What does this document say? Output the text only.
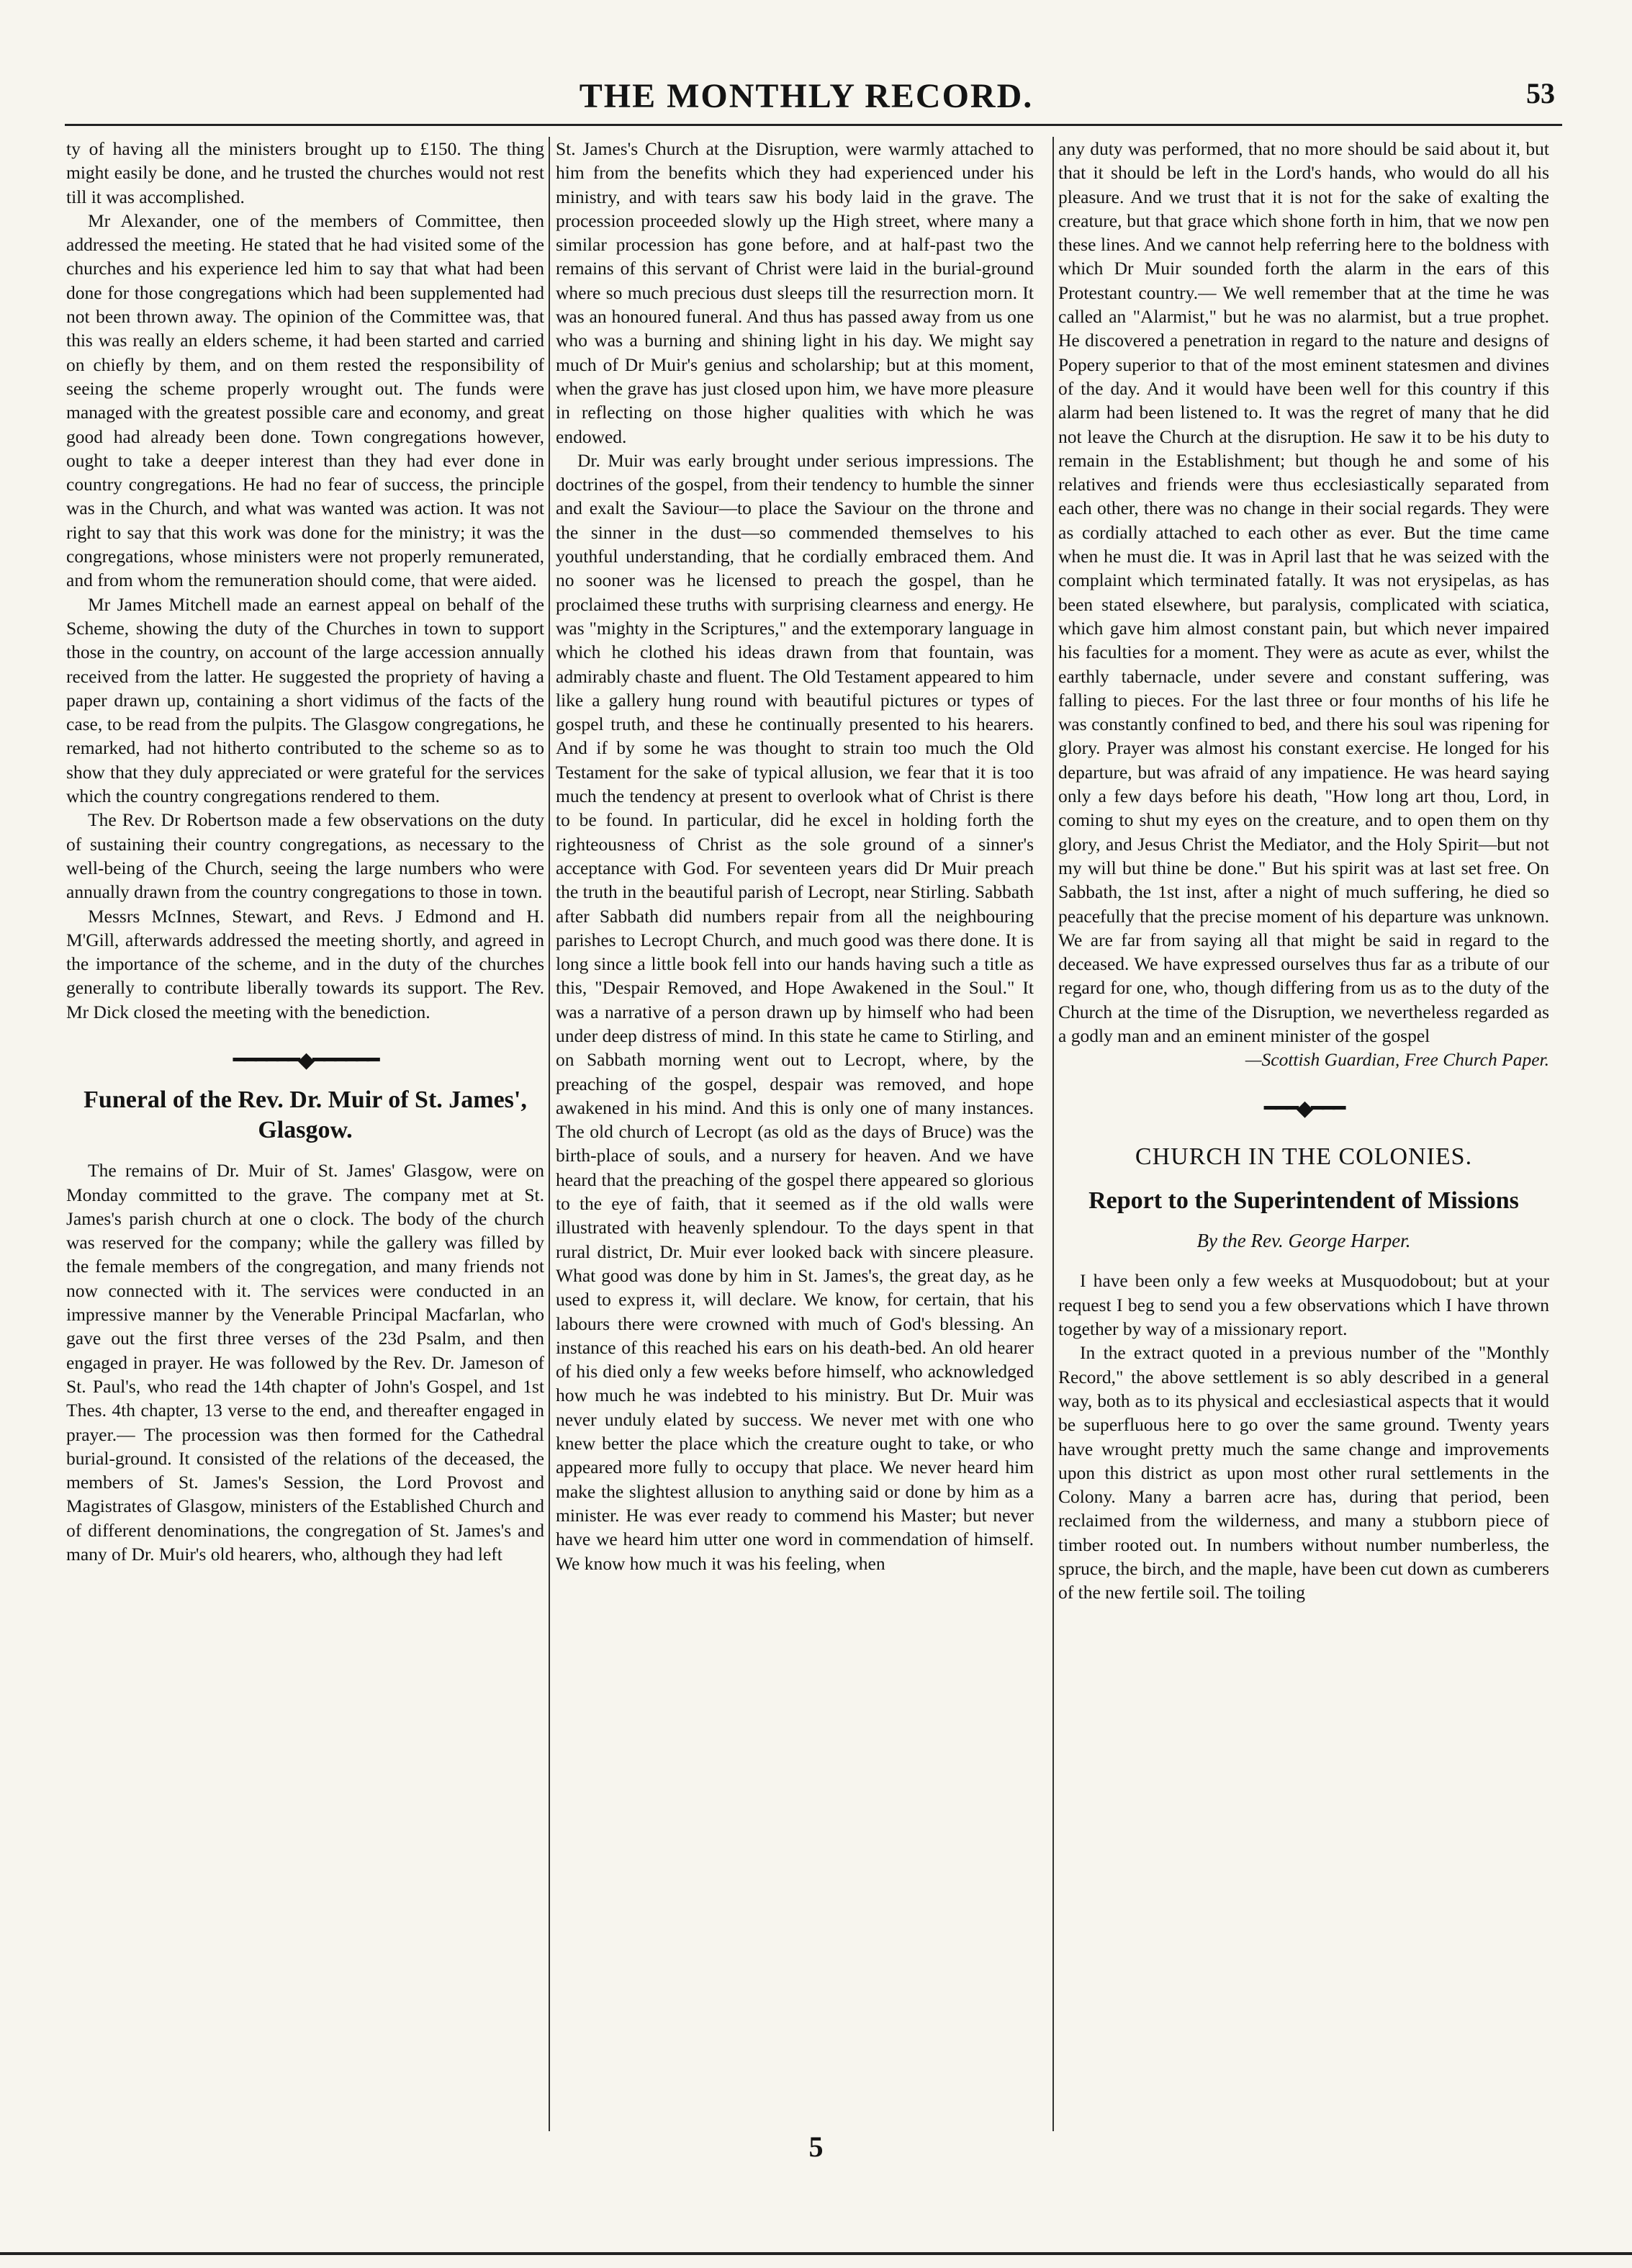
THE MONTHLY RECORD.	53

ty of having all the ministers brought up to £150. The thing might easily be done, and he trusted the churches would not rest till it was accomplished.

Mr Alexander, one of the members of Committee, then addressed the meeting. He stated that he had visited some of the churches and his experience led him to say that what had been done for those congregations which had been supplemented had not been thrown away. The opinion of the Committee was, that this was really an elders scheme, it had been started and carried on chiefly by them, and on them rested the responsibility of seeing the scheme properly wrought out. The funds were managed with the greatest possible care and economy, and great good had already been done. Town congregations however, ought to take a deeper interest than they had ever done in country congregations. He had no fear of success, the principle was in the Church, and what was wanted was action. It was not right to say that this work was done for the ministry; it was the congregations, whose ministers were not properly remunerated, and from whom the remuneration should come, that were aided.

Mr James Mitchell made an earnest appeal on behalf of the Scheme, showing the duty of the Churches in town to support those in the country, on account of the large accession annually received from the latter. He suggested the propriety of having a paper drawn up, containing a short vidimus of the facts of the case, to be read from the pulpits. The Glasgow congregations, he remarked, had not hitherto contributed to the scheme so as to show that they duly appreciated or were grateful for the services which the country congregations rendered to them.

The Rev. Dr Robertson made a few observations on the duty of sustaining their country congregations, as necessary to the well-being of the Church, seeing the large numbers who were annually drawn from the country congregations to those in town.

Messrs McInnes, Stewart, and Revs. J Edmond and H. M'Gill, afterwards addressed the meeting shortly, and agreed in the importance of the scheme, and in the duty of the churches generally to contribute liberally towards its support. The Rev. Mr Dick closed the meeting with the benediction.

━━━━━━◆━━━━━━
Funeral of the Rev. Dr. Muir of St. James', Glasgow.

The remains of Dr. Muir of St. James' Glasgow, were on Monday committed to the grave. The company met at St. James's parish church at one o clock. The body of the church was reserved for the company; while the gallery was filled by the female members of the congregation, and many friends not now connected with it. The services were conducted in an impressive manner by the Venerable Principal Macfarlan, who gave out the first three verses of the 23d Psalm, and then engaged in prayer. He was followed by the Rev. Dr. Jameson of St. Paul's, who read the 14th chapter of John's Gospel, and 1st Thes. 4th chapter, 13 verse to the end, and thereafter engaged in prayer.— The procession was then formed for the Cathedral burial-ground. It consisted of the relations of the deceased, the members of St. James's Session, the Lord Provost and Magistrates of Glasgow, ministers of the Established Church and of different denominations, the congregation of St. James's and many of Dr. Muir's old hearers, who, although they had left

St. James's Church at the Disruption, were warmly attached to him from the benefits which they had experienced under his ministry, and with tears saw his body laid in the grave. The procession proceeded slowly up the High street, where many a similar procession has gone before, and at half-past two the remains of this servant of Christ were laid in the burial-ground where so much precious dust sleeps till the resurrection morn. It was an honoured funeral. And thus has passed away from us one who was a burning and shining light in his day. We might say much of Dr Muir's genius and scholarship; but at this moment, when the grave has just closed upon him, we have more pleasure in reflecting on those higher qualities with which he was endowed.

Dr. Muir was early brought under serious impressions. The doctrines of the gospel, from their tendency to humble the sinner and exalt the Saviour—to place the Saviour on the throne and the sinner in the dust—so commended themselves to his youthful understanding, that he cordially embraced them. And no sooner was he licensed to preach the gospel, than he proclaimed these truths with surprising clearness and energy. He was "mighty in the Scriptures," and the extemporary language in which he clothed his ideas drawn from that fountain, was admirably chaste and fluent. The Old Testament appeared to him like a gallery hung round with beautiful pictures or types of gospel truth, and these he continually presented to his hearers. And if by some he was thought to strain too much the Old Testament for the sake of typical allusion, we fear that it is too much the tendency at present to overlook what of Christ is there to be found. In particular, did he excel in holding forth the righteousness of Christ as the sole ground of a sinner's acceptance with God. For seventeen years did Dr Muir preach the truth in the beautiful parish of Lecropt, near Stirling. Sabbath after Sabbath did numbers repair from all the neighbouring parishes to Lecropt Church, and much good was there done. It is long since a little book fell into our hands having such a title as this, "Despair Removed, and Hope Awakened in the Soul." It was a narrative of a person drawn up by himself who had been under deep distress of mind. In this state he came to Stirling, and on Sabbath morning went out to Lecropt, where, by the preaching of the gospel, despair was removed, and hope awakened in his mind. And this is only one of many instances. The old church of Lecropt (as old as the days of Bruce) was the birth-place of souls, and a nursery for heaven. And we have heard that the preaching of the gospel there appeared so glorious to the eye of faith, that it seemed as if the old walls were illustrated with heavenly splendour. To the days spent in that rural district, Dr. Muir ever looked back with sincere pleasure. What good was done by him in St. James's, the great day, as he used to express it, will declare. We know, for certain, that his labours there were crowned with much of God's blessing. An instance of this reached his ears on his death-bed. An old hearer of his died only a few weeks before himself, who acknowledged how much he was indebted to his ministry. But Dr. Muir was never unduly elated by success. We never met with one who knew better the place which the creature ought to take, or who appeared more fully to occupy that place. We never heard him make the slightest allusion to anything said or done by him as a minister. He was ever ready to commend his Master; but never have we heard him utter one word in commendation of himself. We know how much it was his feeling, when

any duty was performed, that no more should be said about it, but that it should be left in the Lord's hands, who would do all his pleasure. And we trust that it is not for the sake of exalting the creature, but that grace which shone forth in him, that we now pen these lines. And we cannot help referring here to the boldness with which Dr Muir sounded forth the alarm in the ears of this Protestant country.— We well remember that at the time he was called an "Alarmist," but he was no alarmist, but a true prophet. He discovered a penetration in regard to the nature and designs of Popery superior to that of the most eminent statesmen and divines of the day. And it would have been well for this country if this alarm had been listened to. It was the regret of many that he did not leave the Church at the disruption. He saw it to be his duty to remain in the Establishment; but though he and some of his relatives and friends were thus ecclesiastically separated from each other, there was no change in their social regards. They were as cordially attached to each other as ever. But the time came when he must die. It was in April last that he was seized with the complaint which terminated fatally. It was not erysipelas, as has been stated elsewhere, but paralysis, complicated with sciatica, which gave him almost constant pain, but which never impaired his faculties for a moment. They were as acute as ever, whilst the earthly tabernacle, under severe and constant suffering, was falling to pieces. For the last three or four months of his life he was constantly confined to bed, and there his soul was ripening for glory. Prayer was almost his constant exercise. He longed for his departure, but was afraid of any impatience. He was heard saying only a few days before his death, "How long art thou, Lord, in coming to shut my eyes on the creature, and to open them on thy glory, and Jesus Christ the Mediator, and the Holy Spirit—but not my will but thine be done." But his spirit was at last set free. On Sabbath, the 1st inst, after a night of much suffering, he died so peacefully that the precise moment of his departure was unknown. We are far from saying all that might be said in regard to the deceased. We have expressed ourselves thus far as a tribute of our regard for one, who, though differing from us as to the duty of the Church at the time of the Disruption, we nevertheless regarded as a godly man and an eminent minister of the gospel

—Scottish Guardian, Free Church Paper.
━━━◆━━━
CHURCH IN THE COLONIES.
Report to the Superintendent of Missions
By the Rev. George Harper.

I have been only a few weeks at Musquodobout; but at your request I beg to send you a few observations which I have thrown together by way of a missionary report.

In the extract quoted in a previous number of the "Monthly Record," the above settlement is so ably described in a general way, both as to its physical and ecclesiastical aspects that it would be superfluous here to go over the same ground. Twenty years have wrought pretty much the same change and improvements upon this district as upon most other rural settlements in the Colony. Many a barren acre has, during that period, been reclaimed from the wilderness, and many a stubborn piece of timber rooted out. In numbers without number numberless, the spruce, the birch, and the maple, have been cut down as cumberers of the new fertile soil. The toiling

5
